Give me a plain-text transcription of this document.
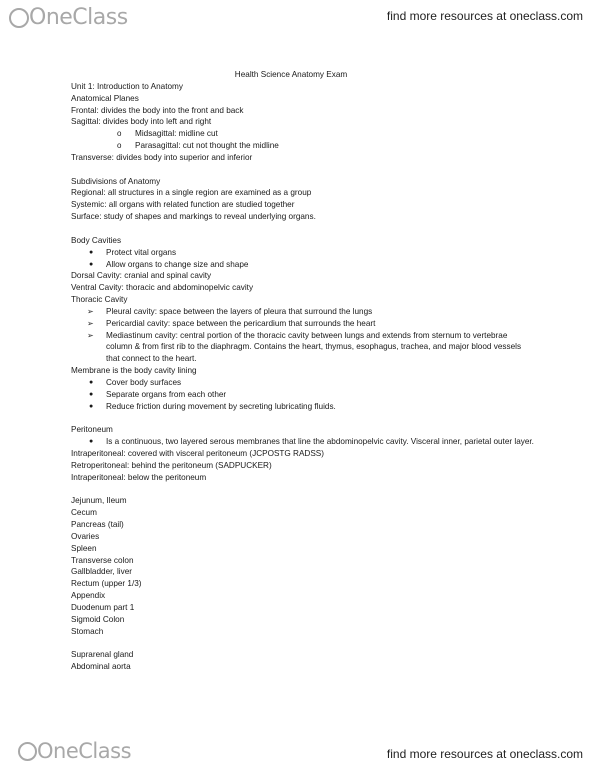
OneClass	find more resources at oneclass.com
Health Science Anatomy Exam
Unit 1: Introduction to Anatomy
Anatomical Planes
Frontal: divides the body into the front and back
Sagittal: divides body into left and right
o Midsagittal: midline cut
o Parasagittal: cut not thought the midline
Transverse: divides body into superior and inferior
Subdivisions of Anatomy
Regional: all structures in a single region are examined as a group
Systemic: all organs with related function are studied together
Surface: study of shapes and markings to reveal underlying organs.
Body Cavities
● Protect vital organs
● Allow organs to change size and shape
Dorsal Cavity: cranial and spinal cavity
Ventral Cavity: thoracic and abdominopelvic cavity
Thoracic Cavity
➢ Pleural cavity: space between the layers of pleura that surround the lungs
➢ Pericardial cavity: space between the pericardium that surrounds the heart
➢ Mediastinum cavity: central portion of the thoracic cavity between lungs and extends from sternum to vertebrae column & from first rib to the diaphragm. Contains the heart, thymus, esophagus, trachea, and major blood vessels that connect to the heart.
Membrane is the body cavity lining
● Cover body surfaces
● Separate organs from each other
● Reduce friction during movement by secreting lubricating fluids.
Peritoneum
● Is a continuous, two layered serous membranes that line the abdominopelvic cavity. Visceral inner, parietal outer layer.
Intraperitoneal: covered with visceral peritoneum (JCPOSTG RADSS)
Retroperitoneal: behind the peritoneum (SADPUCKER)
Intraperitoneal: below the peritoneum
Jejunum, Ileum
Cecum
Pancreas (tail)
Ovaries
Spleen
Transverse colon
Gallbladder, liver
Rectum (upper 1/3)
Appendix
Duodenum part 1
Sigmoid Colon
Stomach
Suprarenal gland
Abdominal aorta
OneClass	find more resources at oneclass.com
